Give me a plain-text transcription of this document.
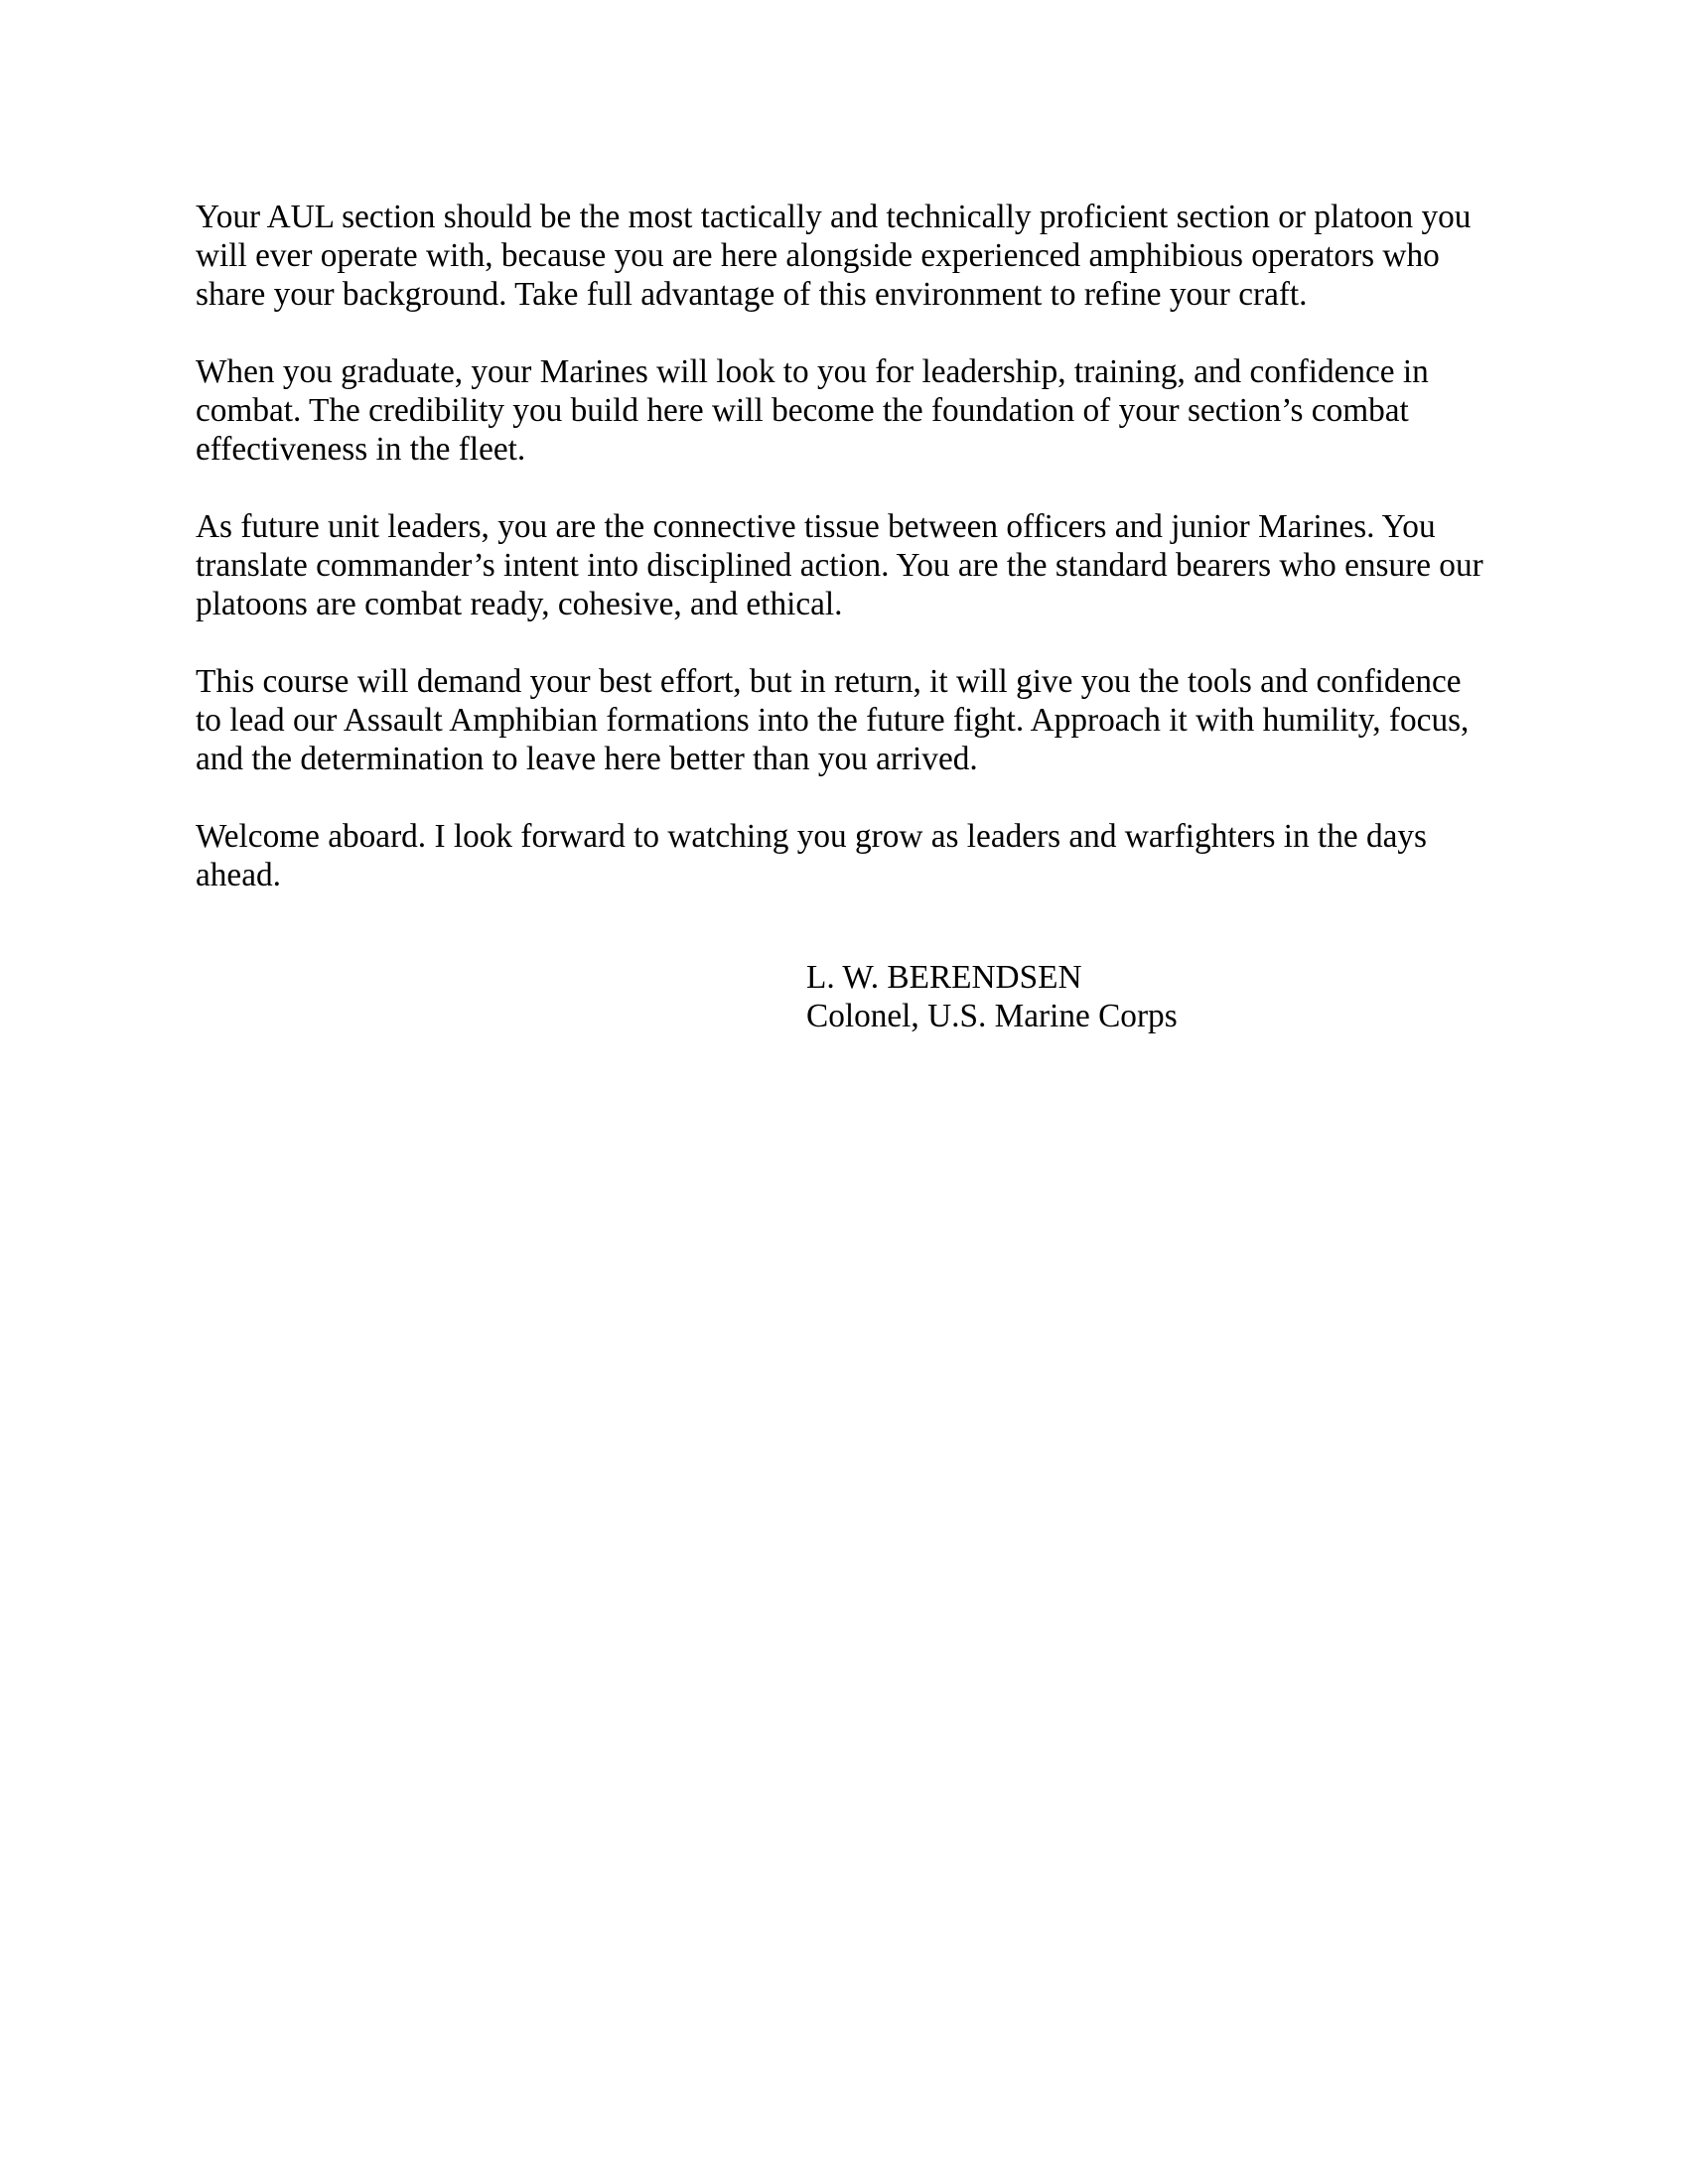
Your AUL section should be the most tactically and technically proficient section or platoon you will ever operate with, because you are here alongside experienced amphibious operators who share your background. Take full advantage of this environment to refine your craft.

When you graduate, your Marines will look to you for leadership, training, and confidence in combat. The credibility you build here will become the foundation of your section’s combat effectiveness in the fleet.

As future unit leaders, you are the connective tissue between officers and junior Marines. You translate commander’s intent into disciplined action. You are the standard bearers who ensure our platoons are combat ready, cohesive, and ethical.

This course will demand your best effort, but in return, it will give you the tools and confidence to lead our Assault Amphibian formations into the future fight. Approach it with humility, focus, and the determination to leave here better than you arrived.

Welcome aboard. I look forward to watching you grow as leaders and warfighters in the days ahead.

L. W. BERENDSEN
Colonel, U.S. Marine Corps
